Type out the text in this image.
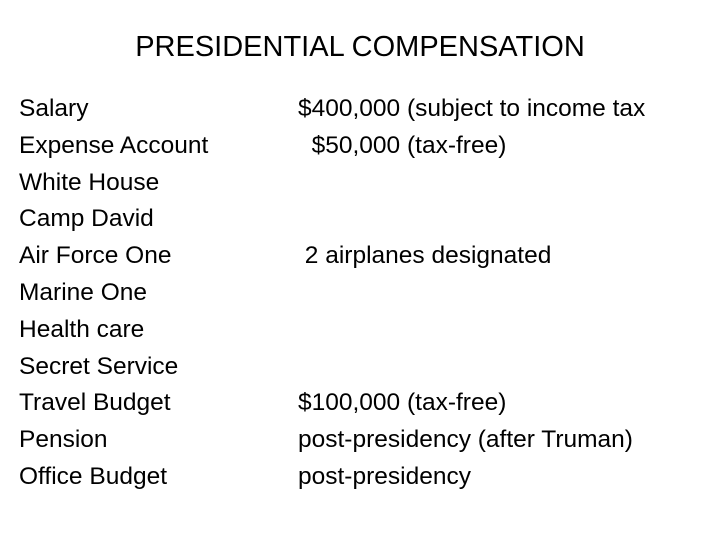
PRESIDENTIAL COMPENSATION
Salary	$400,000 (subject to income tax
Expense Account	$50,000 (tax-free)
White House
Camp David
Air Force One	2 airplanes designated
Marine One
Health care
Secret Service
Travel Budget	$100,000 (tax-free)
Pension	post-presidency (after Truman)
Office Budget	post-presidency
